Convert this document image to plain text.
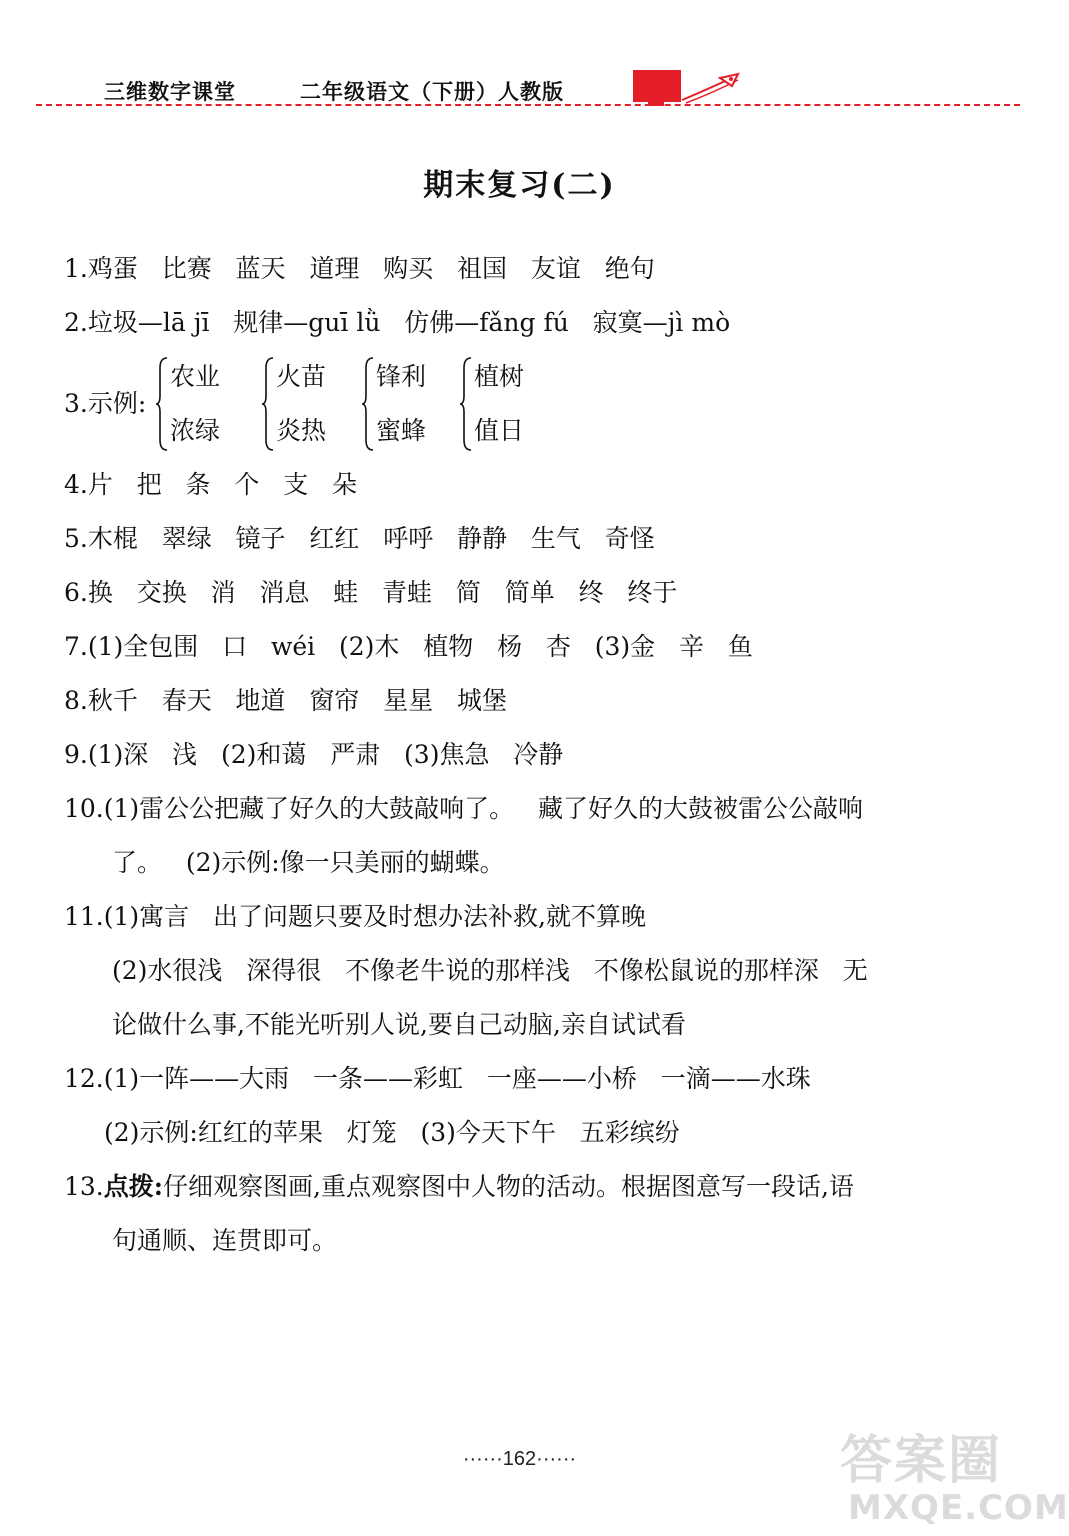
三维数字课堂	二年级语文（下册）人教版
期末复习(二)
1.鸡蛋   比赛   蓝天   道理   购买   祖国   友谊   绝句
2.垃圾—lā jī   规律—guī lǜ   仿佛—fǎng fú   寂寞—jì mò
3.示例:
农业
浓绿
火苗
炎热
锋利
蜜蜂
植树
值日
4.片   把   条   个   支   朵
5.木棍   翠绿   镜子   红红   呼呼   静静   生气   奇怪
6.换   交换   消   消息   蛙   青蛙   简   简单   终   终于
7.(1)全包围   口   wéi   (2)木   植物   杨   杏   (3)金   辛   鱼
8.秋千   春天   地道   窗帘   星星   城堡
9.(1)深   浅   (2)和蔼   严肃   (3)焦急   冷静
10.(1)雷公公把藏了好久的大鼓敲响了。   藏了好久的大鼓被雷公公敲响
了。   (2)示例:像一只美丽的蝴蝶。
11.(1)寓言   出了问题只要及时想办法补救,就不算晚
(2)水很浅   深得很   不像老牛说的那样浅   不像松鼠说的那样深   无
论做什么事,不能光听别人说,要自己动脑,亲自试试看
12.(1)一阵——大雨   一条——彩虹   一座——小桥   一滴——水珠
(2)示例:红红的苹果   灯笼   (3)今天下午   五彩缤纷
13.点拨:仔细观察图画,重点观察图中人物的活动。根据图意写一段话,语
句通顺、连贯即可。
······162······	答案圈
MXQE.COM
